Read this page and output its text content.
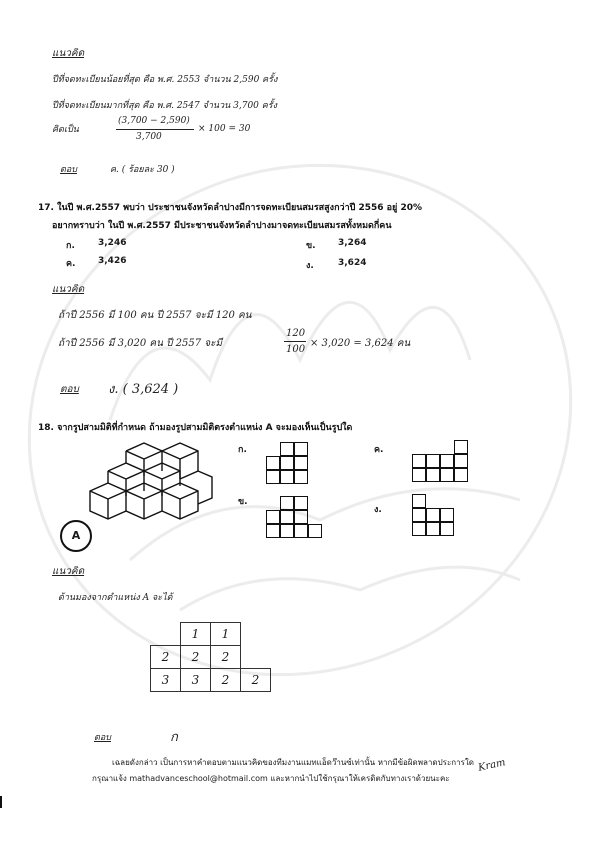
แนวคิด
ปีที่จดทะเบียนน้อยที่สุด คือ พ.ศ. 2553 จำนวน 2,590 ครั้ง
ปีที่จดทะเบียนมากที่สุด คือ พ.ศ. 2547 จำนวน 3,700 ครั้ง
คิดเป็น
(3,700 − 2,590)
3,700
× 100 = 30
ตอบ	ค. ( ร้อยละ 30 )
17. ในปี พ.ศ.2557 พบว่า ประชาชนจังหวัดลำปางมีการจดทะเบียนสมรสสูงกว่าปี 2556 อยู่ 20%
อยากทราบว่า ในปี พ.ศ.2557 มีประชาชนจังหวัดลำปางมาจดทะเบียนสมรสทั้งหมดกี่คน
ก.	3,246	ข. 3,264
ค.	3,426	ง.	3,624
แนวคิด
ถ้าปี 2556 มี 100 คน ปี 2557 จะมี 120 คน
ถ้าปี 2556 มี 3,020 คน ปี 2557 จะมี
120
100
× 3,020 = 3,624 คน
ตอบ ง. ( 3,624 )
18. จากรูปสามมิติที่กำหนด ถ้ามองรูปสามมิติตรงตำแหน่ง A จะมองเห็นเป็นรูปใด
A
ก.	ค.
ข.
ง.
แนวคิด
ด้านมองจากตำแหน่ง A จะได้
	1	1	
2	2	2	
3	3	2	2
ตอบ	ก
เฉลยดังกล่าว เป็นการหาคำตอบตามแนวคิดของทีมงานแมทแอ็ดว๊านซ์เท่านั้น หากมีข้อผิดพลาดประการใด
กรุณาแจ้ง mathadvanceschool@hotmail.com และหากนำไปใช้กรุณาให้เครดิตกับทางเราด้วยนะคะ
Kram
